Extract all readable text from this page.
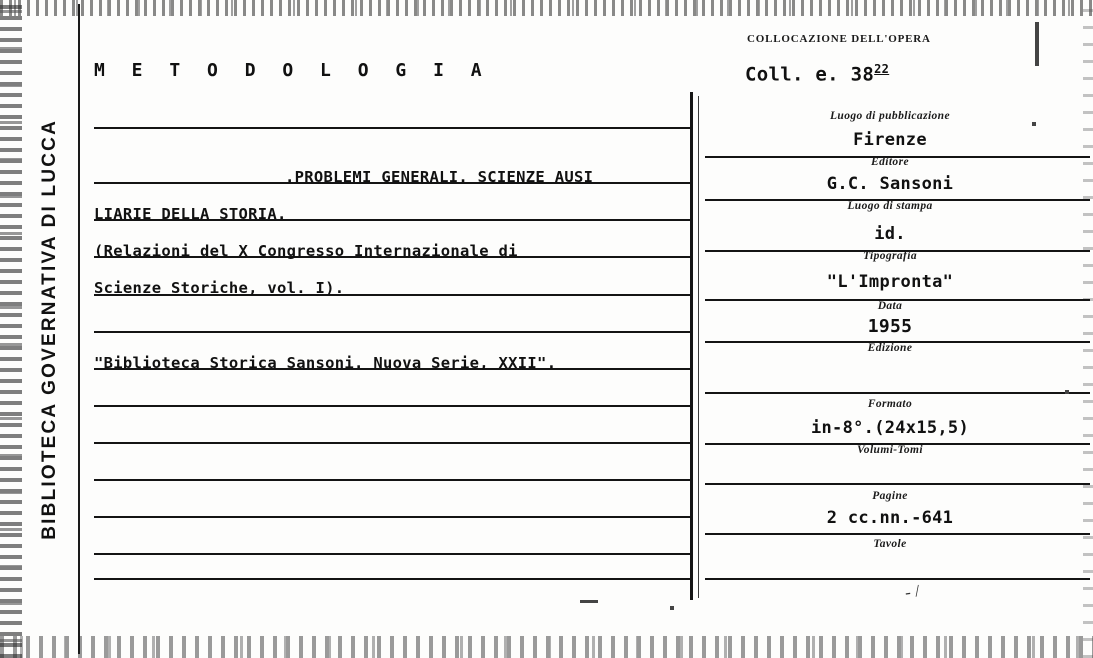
BIBLIOTECA GOVERNATIVA DI LUCCA
COLLOCAZIONE DELL'OPERA
Coll. e. $38^{22}$
M E T O D O L O G I A
.PROBLEMI GENERALI. SCIENZE AUSI
LIARIE DELLA STORIA.
(Relazioni del X Congresso Internazionale di
Scienze Storiche, vol. I).
"Biblioteca Storica Sansoni. Nuova Serie, XXII".
Luogo di pubblicazione
Firenze
Editore
G.C. Sansoni
Luogo di stampa
id.
Tipografia
"L'Impronta"
Data
1955
Edizione
Formato
in-8°.(24x15,5)
Volumi-Tomi
Pagine
2 cc.nn.-641
Tavole
- /
